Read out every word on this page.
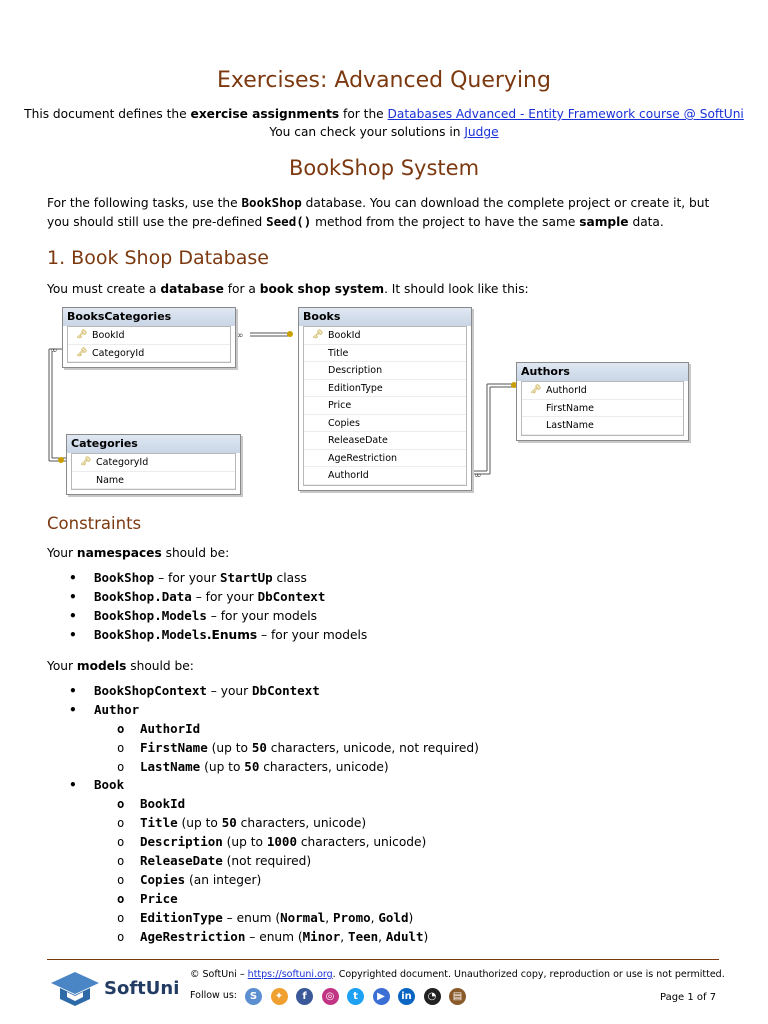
Exercises: Advanced Querying
This document defines the exercise assignments for the Databases Advanced - Entity Framework course @ SoftUni
You can check your solutions in Judge
BookShop System
For the following tasks, use the BookShop database. You can download the complete project or create it, but you should still use the pre-defined Seed() method from the project to have the same sample data.
1. Book Shop Database
You must create a database for a book shop system. It should look like this:
∞
∞
∞
BooksCategories
🗝 BookId
🗝 CategoryId
Books
🗝 BookId
Title
Description
EditionType
Price
Copies
ReleaseDate
AgeRestriction
AuthorId
Authors
🗝 AuthorId
FirstName
LastName
Categories
🗝 CategoryId
Name
Constraints
Your namespaces should be:
• BookShop – for your StartUp class
• BookShop.Data – for your DbContext
• BookShop.Models – for your models
• BookShop.Models.Enums – for your models
Your models should be:
• BookShopContext – your DbContext
• Author
o AuthorId
o FirstName (up to 50 characters, unicode, not required)
o LastName (up to 50 characters, unicode)
• Book
o BookId
o Title (up to 50 characters, unicode)
o Description (up to 1000 characters, unicode)
o ReleaseDate (not required)
o Copies (an integer)
o Price
o EditionType – enum (Normal, Promo, Gold)
o AgeRestriction – enum (Minor, Teen, Adult)
SoftUni
© SoftUni – https://softuni.org. Copyrighted document. Unauthorized copy, reproduction or use is not permitted.
Follow us:	S	✦	f	◎	t	▶	in	◔	▤	Page 1 of 7
